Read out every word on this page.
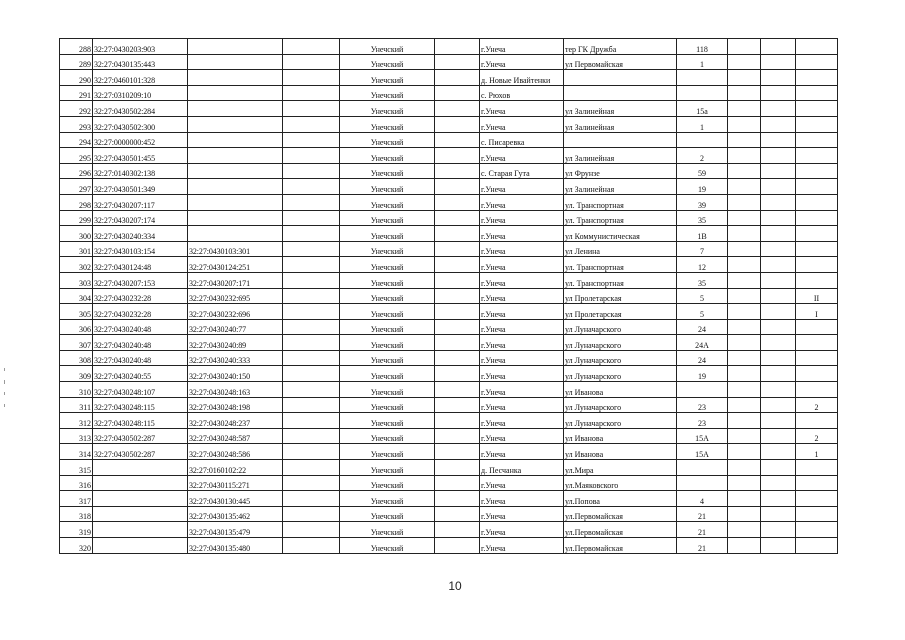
288	32:27:0430203:903			Унечский		г.Унеча	тер ГК Дружба	118			
289	32:27:0430135:443			Унечский		г.Унеча	ул Первомайская	1			
290	32:27:0460101:328			Унечский		д. Новые Ивайтенки					
291	32:27:0310209:10			Унечский		с. Рюхов					
292	32:27:0430502:284			Унечский		г.Унеча	ул Залинейная	15а			
293	32:27:0430502:300			Унечский		г.Унеча	ул Залинейная	1			
294	32:27:0000000:452			Унечский		с. Писаревка					
295	32:27:0430501:455			Унечский		г.Унеча	ул Залинейная	2			
296	32:27:0140302:138			Унечский		с. Старая Гута	ул Фрунзе	59			
297	32:27:0430501:349			Унечский		г.Унеча	ул Залинейная	19			
298	32:27:0430207:117			Унечский		г.Унеча	ул. Транспортная	39			
299	32:27:0430207:174			Унечский		г.Унеча	ул. Транспортная	35			
300	32:27:0430240:334			Унечский		г.Унеча	ул Коммунистическая	1В			
301	32:27:0430103:154	32:27:0430103:301		Унечский		г.Унеча	ул Ленина	7			
302	32:27:0430124:48	32:27:0430124:251		Унечский		г.Унеча	ул. Транспортная	12			
303	32:27:0430207:153	32:27:0430207:171		Унечский		г.Унеча	ул. Транспортная	35			
304	32:27:0430232:28	32:27:0430232:695		Унечский		г.Унеча	ул Пролетарская	5			II
305	32:27:0430232:28	32:27:0430232:696		Унечский		г.Унеча	ул Пролетарская	5			I
306	32:27:0430240:48	32:27:0430240:77		Унечский		г.Унеча	ул Луначарского	24			
307	32:27:0430240:48	32:27:0430240:89		Унечский		г.Унеча	ул Луначарского	24А			
308	32:27:0430240:48	32:27:0430240:333		Унечский		г.Унеча	ул Луначарского	24			
309	32:27:0430240:55	32:27:0430240:150		Унечский		г.Унеча	ул Луначарского	19			
310	32:27:0430248:107	32:27:0430248:163		Унечский		г.Унеча	ул Иванова				
311	32:27:0430248:115	32:27:0430248:198		Унечский		г.Унеча	ул Луначарского	23			2
312	32:27:0430248:115	32:27:0430248:237		Унечский		г.Унеча	ул Луначарского	23			
313	32:27:0430502:287	32:27:0430248:587		Унечский		г.Унеча	ул Иванова	15А			2
314	32:27:0430502:287	32:27:0430248:586		Унечский		г.Унеча	ул Иванова	15А			1
315		32:27:0160102:22		Унечский		д. Песчанка	ул.Мира				
316		32:27:0430115:271		Унечский		г.Унеча	ул.Маяковского				
317		32:27:0430130:445		Унечский		г.Унеча	ул.Попова	4			
318		32:27:0430135:462		Унечский		г.Унеча	ул.Первомайская	21			
319		32:27:0430135:479		Унечский		г.Унеча	ул.Первомайская	21			
320		32:27:0430135:480		Унечский		г.Унеча	ул.Первомайская	21			
10
